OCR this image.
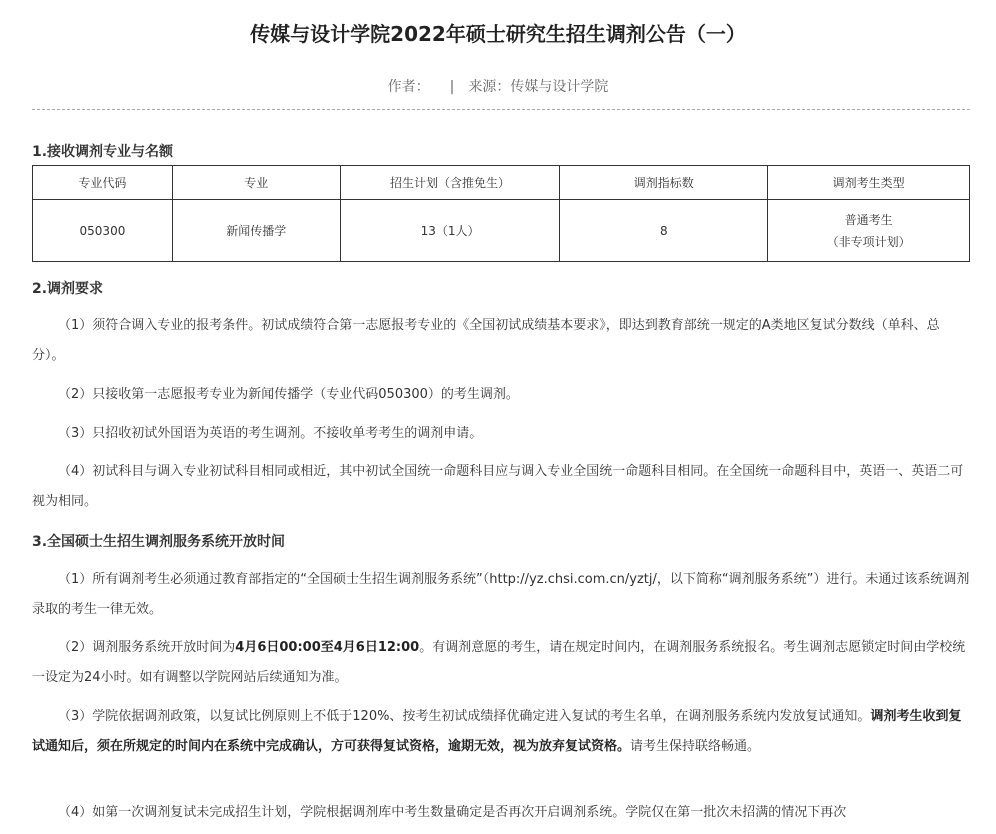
传媒与设计学院2022年硕士研究生招生调剂公告（一）
作者： | 来源：传媒与设计学院
1.接收调剂专业与名额
专业代码	专业	招生计划（含推免生）	调剂指标数	调剂考生类型
050300	新闻传播学	13（1人）	8	普通考生
（非专项计划）
2.调剂要求

（1）须符合调入专业的报考条件。初试成绩符合第一志愿报考专业的《全国初试成绩基本要求》，即达到教育部统一规定的A类地区复试分数线（单科、总分）。

（2）只接收第一志愿报考专业为新闻传播学（专业代码050300）的考生调剂。

（3）只招收初试外国语为英语的考生调剂。不接收单考考生的调剂申请。

（4）初试科目与调入专业初试科目相同或相近，其中初试全国统一命题科目应与调入专业全国统一命题科目相同。在全国统一命题科目中，英语一、英语二可视为相同。

3.全国硕士生招生调剂服务系统开放时间

（1）所有调剂考生必须通过教育部指定的“全国硕士生招生调剂服务系统”（http://yz.chsi.com.cn/yztj/，以下简称“调剂服务系统”）进行。未通过该系统调剂录取的考生一律无效。

（2）调剂服务系统开放时间为4月6日00:00至4月6日12:00。有调剂意愿的考生，请在规定时间内，在调剂服务系统报名。考生调剂志愿锁定时间由学校统一设定为24小时。如有调整以学院网站后续通知为准。

（3）学院依据调剂政策，以复试比例原则上不低于120%、按考生初试成绩择优确定进入复试的考生名单，在调剂服务系统内发放复试通知。调剂考生收到复试通知后，须在所规定的时间内在系统中完成确认，方可获得复试资格，逾期无效，视为放弃复试资格。请考生保持联络畅通。

（4）如第一次调剂复试未完成招生计划，学院根据调剂库中考生数量确定是否再次开启调剂系统。学院仅在第一批次未招满的情况下再次
